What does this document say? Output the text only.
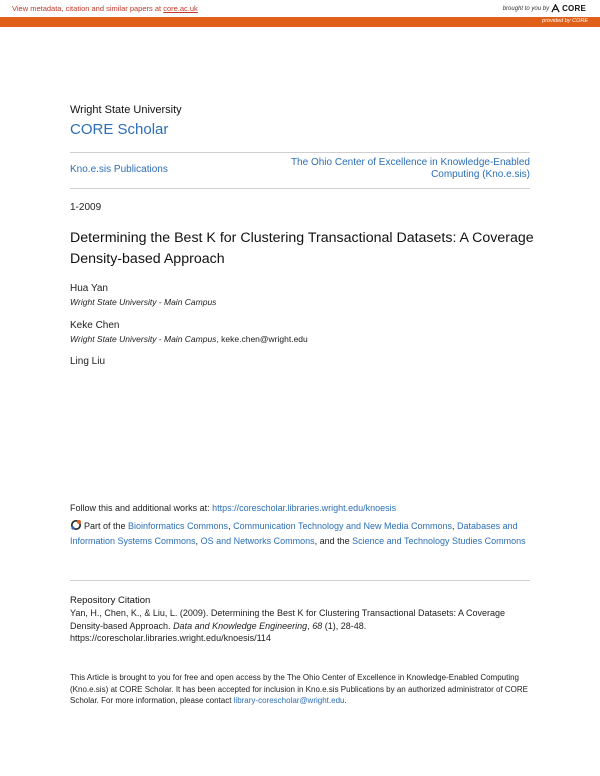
View metadata, citation and similar papers at core.ac.uk	brought to you by CORE
provided by CORE
Wright State University
CORE Scholar
Kno.e.sis Publications
The Ohio Center of Excellence in Knowledge-Enabled Computing (Kno.e.sis)
1-2009
Determining the Best K for Clustering Transactional Datasets: A Coverage Density-based Approach
Hua Yan
Wright State University - Main Campus
Keke Chen
Wright State University - Main Campus, keke.chen@wright.edu
Ling Liu
Follow this and additional works at: https://corescholar.libraries.wright.edu/knoesis
Part of the Bioinformatics Commons, Communication Technology and New Media Commons, Databases and Information Systems Commons, OS and Networks Commons, and the Science and Technology Studies Commons
Repository Citation
Yan, H., Chen, K., & Liu, L. (2009). Determining the Best K for Clustering Transactional Datasets: A Coverage Density-based Approach. Data and Knowledge Engineering, 68 (1), 28-48.
https://corescholar.libraries.wright.edu/knoesis/114
This Article is brought to you for free and open access by the The Ohio Center of Excellence in Knowledge-Enabled Computing (Kno.e.sis) at CORE Scholar. It has been accepted for inclusion in Kno.e.sis Publications by an authorized administrator of CORE Scholar. For more information, please contact library-corescholar@wright.edu.
